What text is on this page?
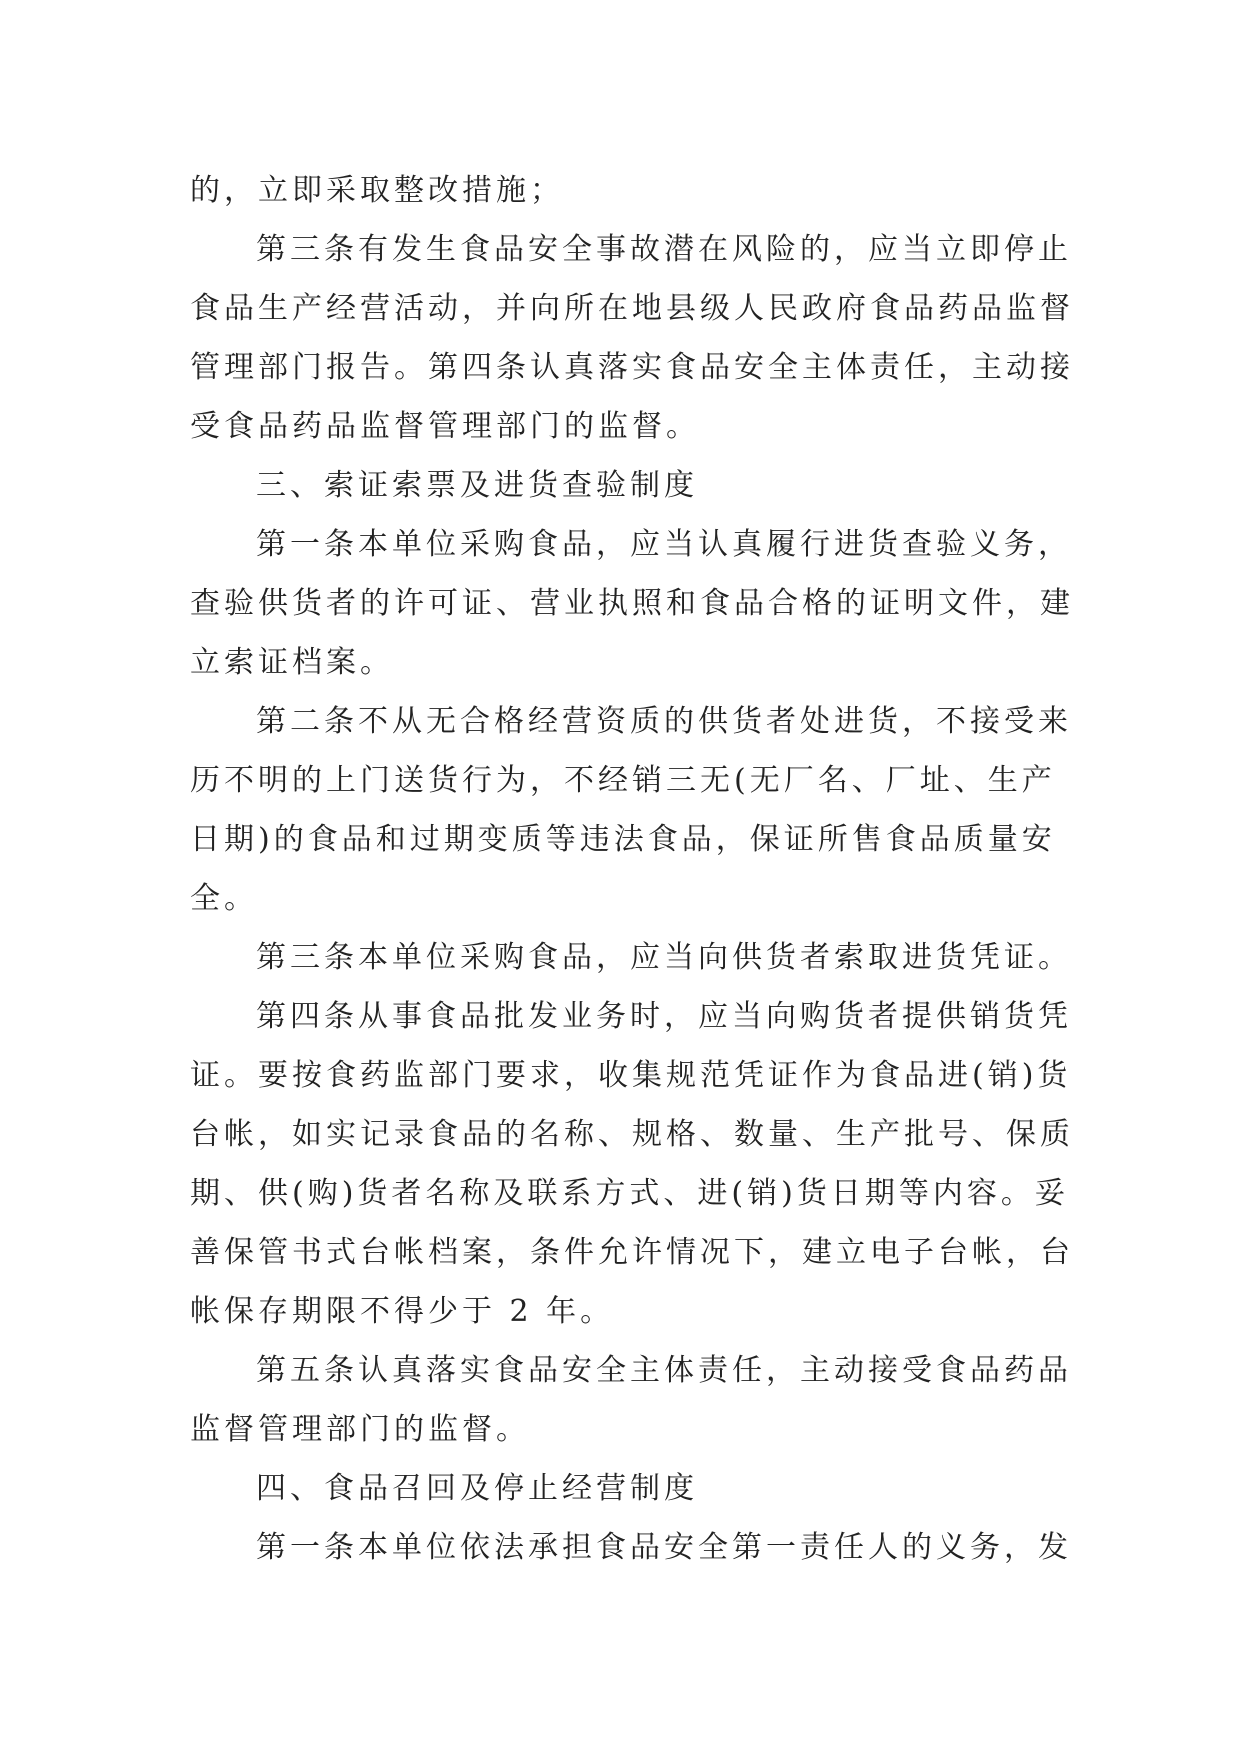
的，立即采取整改措施；
第三条有发生食品安全事故潜在风险的，应当立即停止
食品生产经营活动，并向所在地县级人民政府食品药品监督
管理部门报告。第四条认真落实食品安全主体责任，主动接
受食品药品监督管理部门的监督。
三、索证索票及进货查验制度
第一条本单位采购食品，应当认真履行进货查验义务，
查验供货者的许可证、营业执照和食品合格的证明文件，建
立索证档案。
第二条不从无合格经营资质的供货者处进货，不接受来
历不明的上门送货行为，不经销三无(无厂名、厂址、生产
日期)的食品和过期变质等违法食品，保证所售食品质量安
全。
第三条本单位采购食品，应当向供货者索取进货凭证。
第四条从事食品批发业务时，应当向购货者提供销货凭
证。要按食药监部门要求，收集规范凭证作为食品进(销)货
台帐，如实记录食品的名称、规格、数量、生产批号、保质
期、供(购)货者名称及联系方式、进(销)货日期等内容。妥
善保管书式台帐档案，条件允许情况下，建立电子台帐，台
帐保存期限不得少于 2 年。
第五条认真落实食品安全主体责任，主动接受食品药品
监督管理部门的监督。
四、食品召回及停止经营制度
第一条本单位依法承担食品安全第一责任人的义务，发
